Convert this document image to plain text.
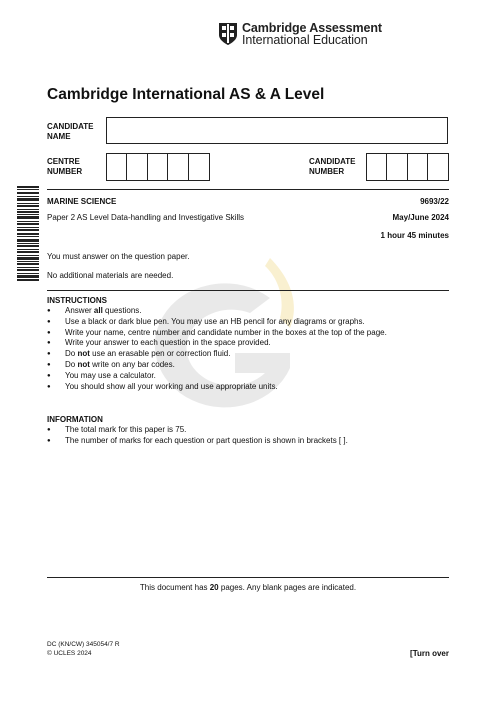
Cambridge Assessment
International Education
Cambridge International AS & A Level
CANDIDATE
NAME
CENTRE
NUMBER
CANDIDATE
NUMBER
MARINE SCIENCE	9693/22
Paper 2 AS Level Data-handling and Investigative Skills	May/June 2024
1 hour 45 minutes
You must answer on the question paper.
No additional materials are needed.
INSTRUCTIONS
● Answer all questions.
● Use a black or dark blue pen. You may use an HB pencil for any diagrams or graphs.
● Write your name, centre number and candidate number in the boxes at the top of the page.
● Write your answer to each question in the space provided.
● Do not use an erasable pen or correction fluid.
● Do not write on any bar codes.
● You may use a calculator.
● You should show all your working and use appropriate units.
INFORMATION
● The total mark for this paper is 75.
● The number of marks for each question or part question is shown in brackets [ ].
This document has 20 pages. Any blank pages are indicated.
DC (KN/CW) 345054/7 R
© UCLES 2024	[Turn over
